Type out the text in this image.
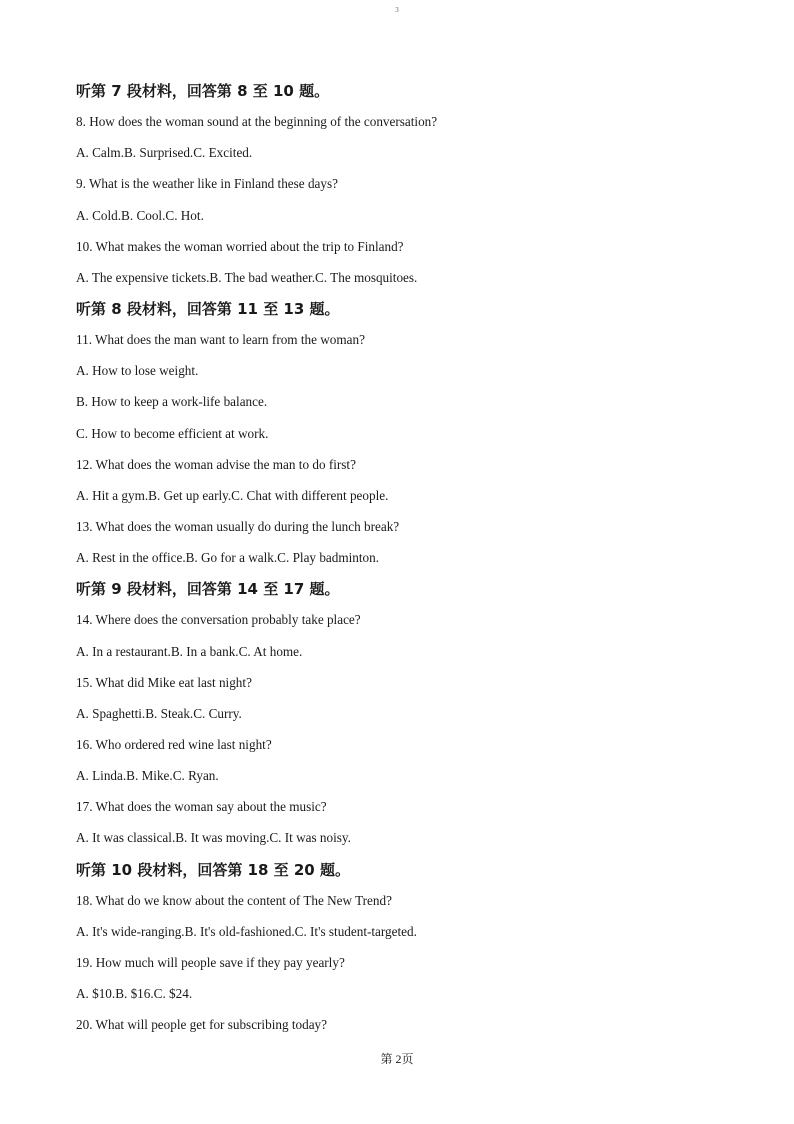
3
听第 7 段材料，回答第 8 至 10 题。
8. How does the woman sound at the beginning of the conversation?
A. Calm.B. Surprised.C. Excited.
9. What is the weather like in Finland these days?
A. Cold.B. Cool.C. Hot.
10. What makes the woman worried about the trip to Finland?
A. The expensive tickets.B. The bad weather.C. The mosquitoes.
听第 8 段材料，回答第 11 至 13 题。
11. What does the man want to learn from the woman?
A. How to lose weight.
B. How to keep a work-life balance.
C. How to become efficient at work.
12. What does the woman advise the man to do first?
A. Hit a gym.B. Get up early.C. Chat with different people.
13. What does the woman usually do during the lunch break?
A. Rest in the office.B. Go for a walk.C. Play badminton.
听第 9 段材料，回答第 14 至 17 题。
14. Where does the conversation probably take place?
A. In a restaurant.B. In a bank.C. At home.
15. What did Mike eat last night?
A. Spaghetti.B. Steak.C. Curry.
16. Who ordered red wine last night?
A. Linda.B. Mike.C. Ryan.
17. What does the woman say about the music?
A. It was classical.B. It was moving.C. It was noisy.
听第 10 段材料，回答第 18 至 20 题。
18. What do we know about the content of The New Trend?
A. It's wide-ranging.B. It's old-fashioned.C. It's student-targeted.
19. How much will people save if they pay yearly?
A. $10.B. $16.C. $24.
20. What will people get for subscribing today?
第 2页
